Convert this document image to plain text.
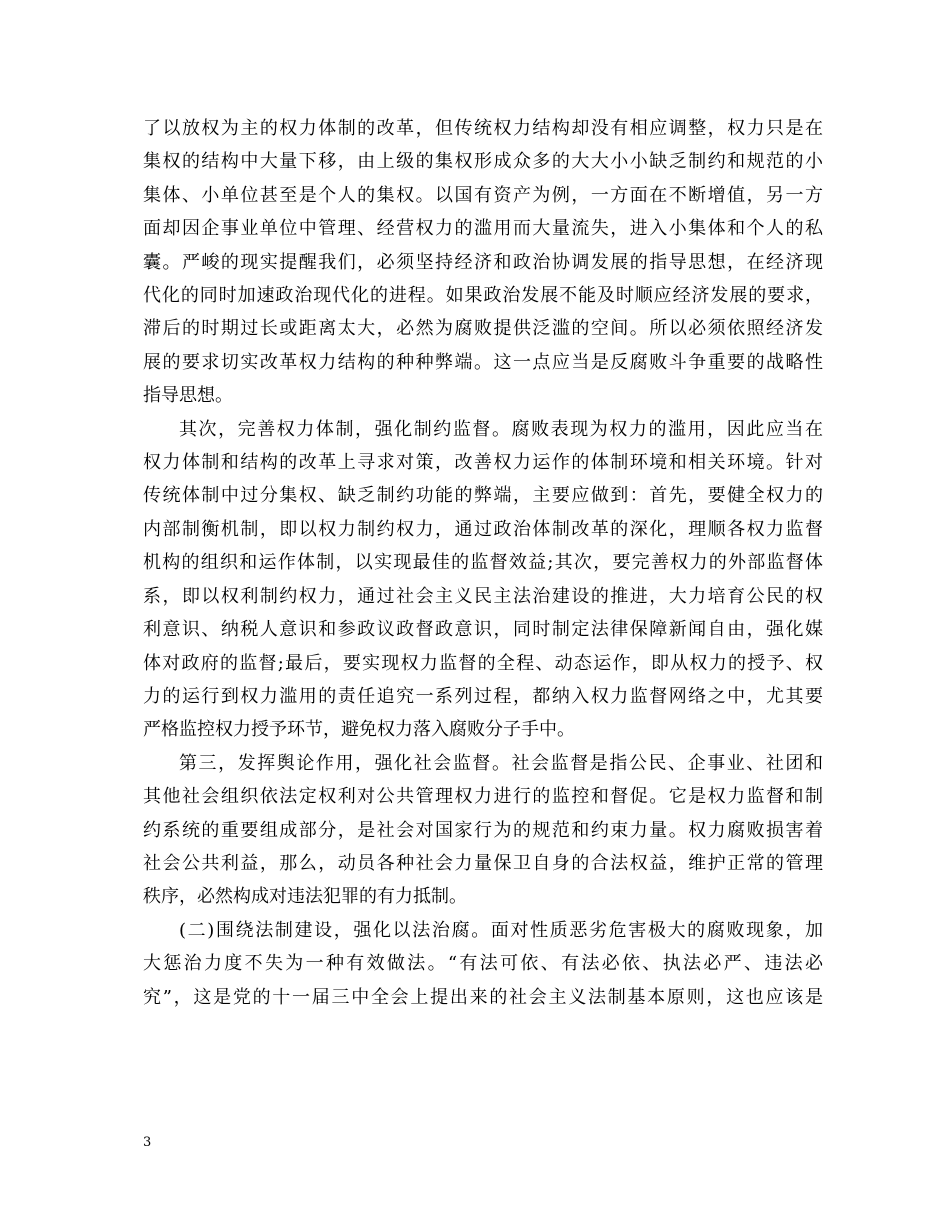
了以放权为主的权力体制的改革，但传统权力结构却没有相应调整，权力只是在
集权的结构中大量下移，由上级的集权形成众多的大大小小缺乏制约和规范的小
集体、小单位甚至是个人的集权。以国有资产为例，一方面在不断增值，另一方
面却因企事业单位中管理、经营权力的滥用而大量流失，进入小集体和个人的私
囊。严峻的现实提醒我们，必须坚持经济和政治协调发展的指导思想，在经济现
代化的同时加速政治现代化的进程。如果政治发展不能及时顺应经济发展的要求，
滞后的时期过长或距离太大，必然为腐败提供泛滥的空间。所以必须依照经济发
展的要求切实改革权力结构的种种弊端。这一点应当是反腐败斗争重要的战略性
指导思想。

其次，完善权力体制，强化制约监督。腐败表现为权力的滥用，因此应当在
权力体制和结构的改革上寻求对策，改善权力运作的体制环境和相关环境。针对
传统体制中过分集权、缺乏制约功能的弊端，主要应做到：首先，要健全权力的
内部制衡机制，即以权力制约权力，通过政治体制改革的深化，理顺各权力监督
机构的组织和运作体制，以实现最佳的监督效益;其次，要完善权力的外部监督体
系，即以权利制约权力，通过社会主义民主法治建设的推进，大力培育公民的权
利意识、纳税人意识和参政议政督政意识，同时制定法律保障新闻自由，强化媒
体对政府的监督;最后，要实现权力监督的全程、动态运作，即从权力的授予、权
力的运行到权力滥用的责任追究一系列过程，都纳入权力监督网络之中，尤其要
严格监控权力授予环节，避免权力落入腐败分子手中。

第三，发挥舆论作用，强化社会监督。社会监督是指公民、企事业、社团和
其他社会组织依法定权利对公共管理权力进行的监控和督促。它是权力监督和制
约系统的重要组成部分，是社会对国家行为的规范和约束力量。权力腐败损害着
社会公共利益，那么，动员各种社会力量保卫自身的合法权益，维护正常的管理
秩序，必然构成对违法犯罪的有力抵制。

(二)围绕法制建设，强化以法治腐。面对性质恶劣危害极大的腐败现象，加
大惩治力度不失为一种有效做法。“有法可依、有法必依、执法必严、违法必
究”，这是党的十一届三中全会上提出来的社会主义法制基本原则，这也应该是

3
